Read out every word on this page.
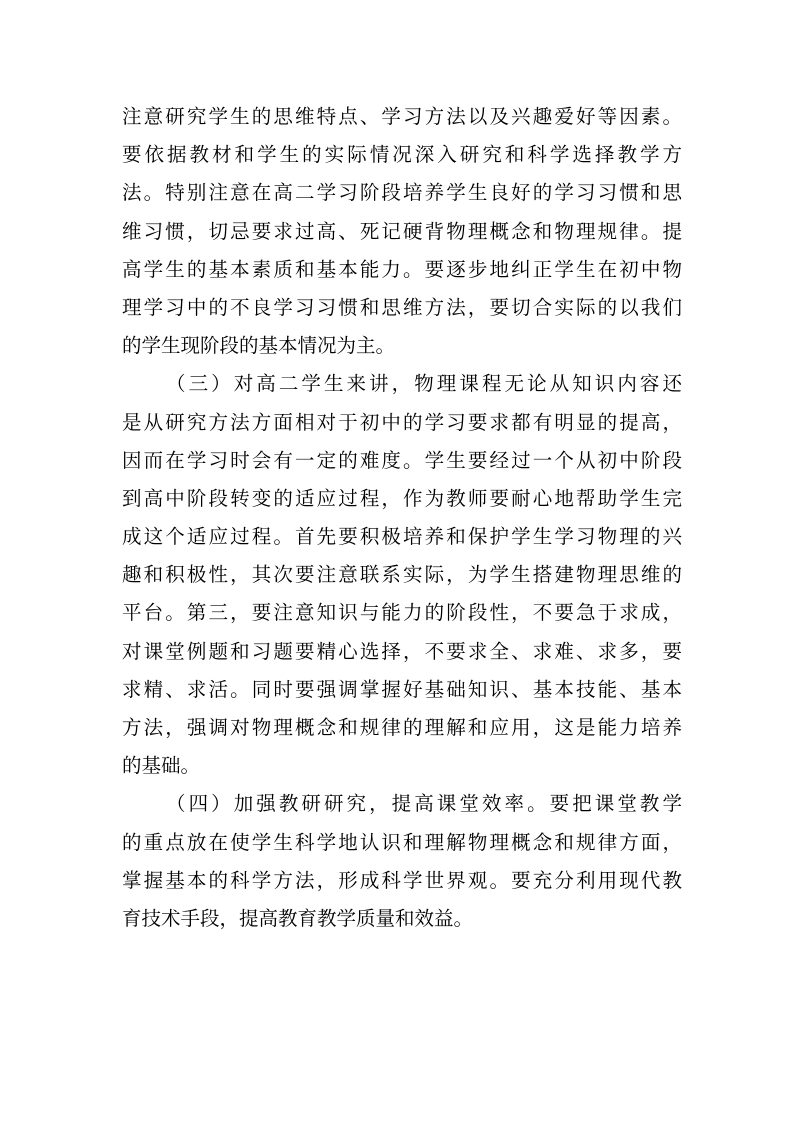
注意研究学生的思维特点、学习方法以及兴趣爱好等因素。
要依据教材和学生的实际情况深入研究和科学选择教学方
法。特别注意在高二学习阶段培养学生良好的学习习惯和思
维习惯，切忌要求过高、死记硬背物理概念和物理规律。提
高学生的基本素质和基本能力。要逐步地纠正学生在初中物
理学习中的不良学习习惯和思维方法，要切合实际的以我们
的学生现阶段的基本情况为主。
（三）对高二学生来讲，物理课程无论从知识内容还
是从研究方法方面相对于初中的学习要求都有明显的提高，
因而在学习时会有一定的难度。学生要经过一个从初中阶段
到高中阶段转变的适应过程，作为教师要耐心地帮助学生完
成这个适应过程。首先要积极培养和保护学生学习物理的兴
趣和积极性，其次要注意联系实际，为学生搭建物理思维的
平台。第三，要注意知识与能力的阶段性，不要急于求成，
对课堂例题和习题要精心选择，不要求全、求难、求多，要
求精、求活。同时要强调掌握好基础知识、基本技能、基本
方法，强调对物理概念和规律的理解和应用，这是能力培养
的基础。
（四）加强教研研究，提高课堂效率。要把课堂教学
的重点放在使学生科学地认识和理解物理概念和规律方面，
掌握基本的科学方法，形成科学世界观。要充分利用现代教
育技术手段，提高教育教学质量和效益。
